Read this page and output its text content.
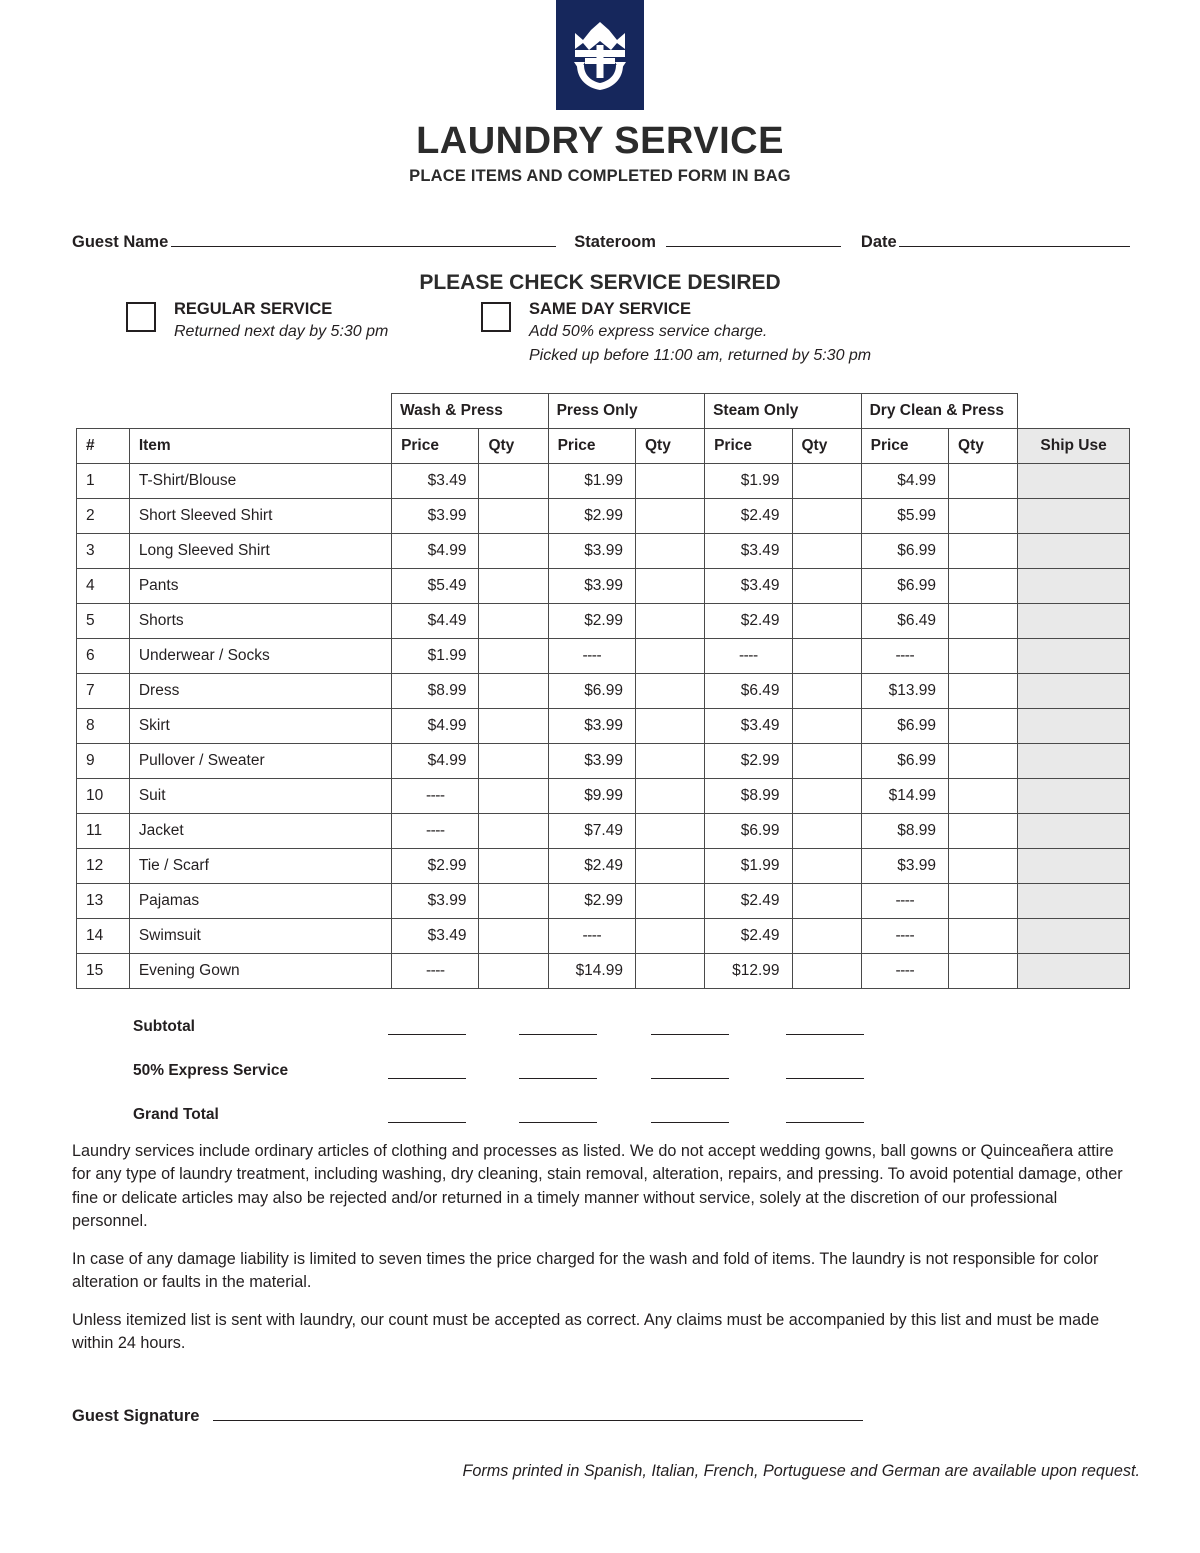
LAUNDRY SERVICE
PLACE ITEMS AND COMPLETED FORM IN BAG
Guest Name	Stateroom	Date
PLEASE CHECK SERVICE DESIRED
REGULAR SERVICE
Returned next day by 5:30 pm
SAME DAY SERVICE
Add 50% express service charge.
Picked up before 11:00 am, returned by 5:30 pm
		Wash & Press		Press Only		Steam Only		Dry Clean & Press		
#	Item	Price	Qty	Price	Qty	Price	Qty	Price	Qty	Ship Use
1	T-Shirt/Blouse	$3.49		$1.99		$1.99		$4.99		
2	Short Sleeved Shirt	$3.99		$2.99		$2.49		$5.99		
3	Long Sleeved Shirt	$4.99		$3.99		$3.49		$6.99		
4	Pants	$5.49		$3.99		$3.49		$6.99		
5	Shorts	$4.49		$2.99		$2.49		$6.49		
6	Underwear / Socks	$1.99		----		----		----		
7	Dress	$8.99		$6.99		$6.49		$13.99		
8	Skirt	$4.99		$3.99		$3.49		$6.99		
9	Pullover / Sweater	$4.99		$3.99		$2.99		$6.99		
10	Suit	----		$9.99		$8.99		$14.99		
11	Jacket	----		$7.49		$6.99		$8.99		
12	Tie / Scarf	$2.99		$2.49		$1.99		$3.99		
13	Pajamas	$3.99		$2.99		$2.49		----		
14	Swimsuit	$3.49		----		$2.49		----		
15	Evening Gown	----		$14.99		$12.99		----		
Subtotal
50% Express Service
Grand Total

Laundry services include ordinary articles of clothing and processes as listed. We do not accept wedding gowns, ball gowns or Quinceañera attire for any type of laundry treatment, including washing, dry cleaning, stain removal, alteration, repairs, and pressing. To avoid potential damage, other fine or delicate articles may also be rejected and/or returned in a timely manner without service, solely at the discretion of our professional personnel.

In case of any damage liability is limited to seven times the price charged for the wash and fold of items. The laundry is not responsible for color alteration or faults in the material.

Unless itemized list is sent with laundry, our count must be accepted as correct. Any claims must be accompanied by this list and must be made within 24 hours.

Guest Signature
Forms printed in Spanish, Italian, French, Portuguese and German are available upon request.
